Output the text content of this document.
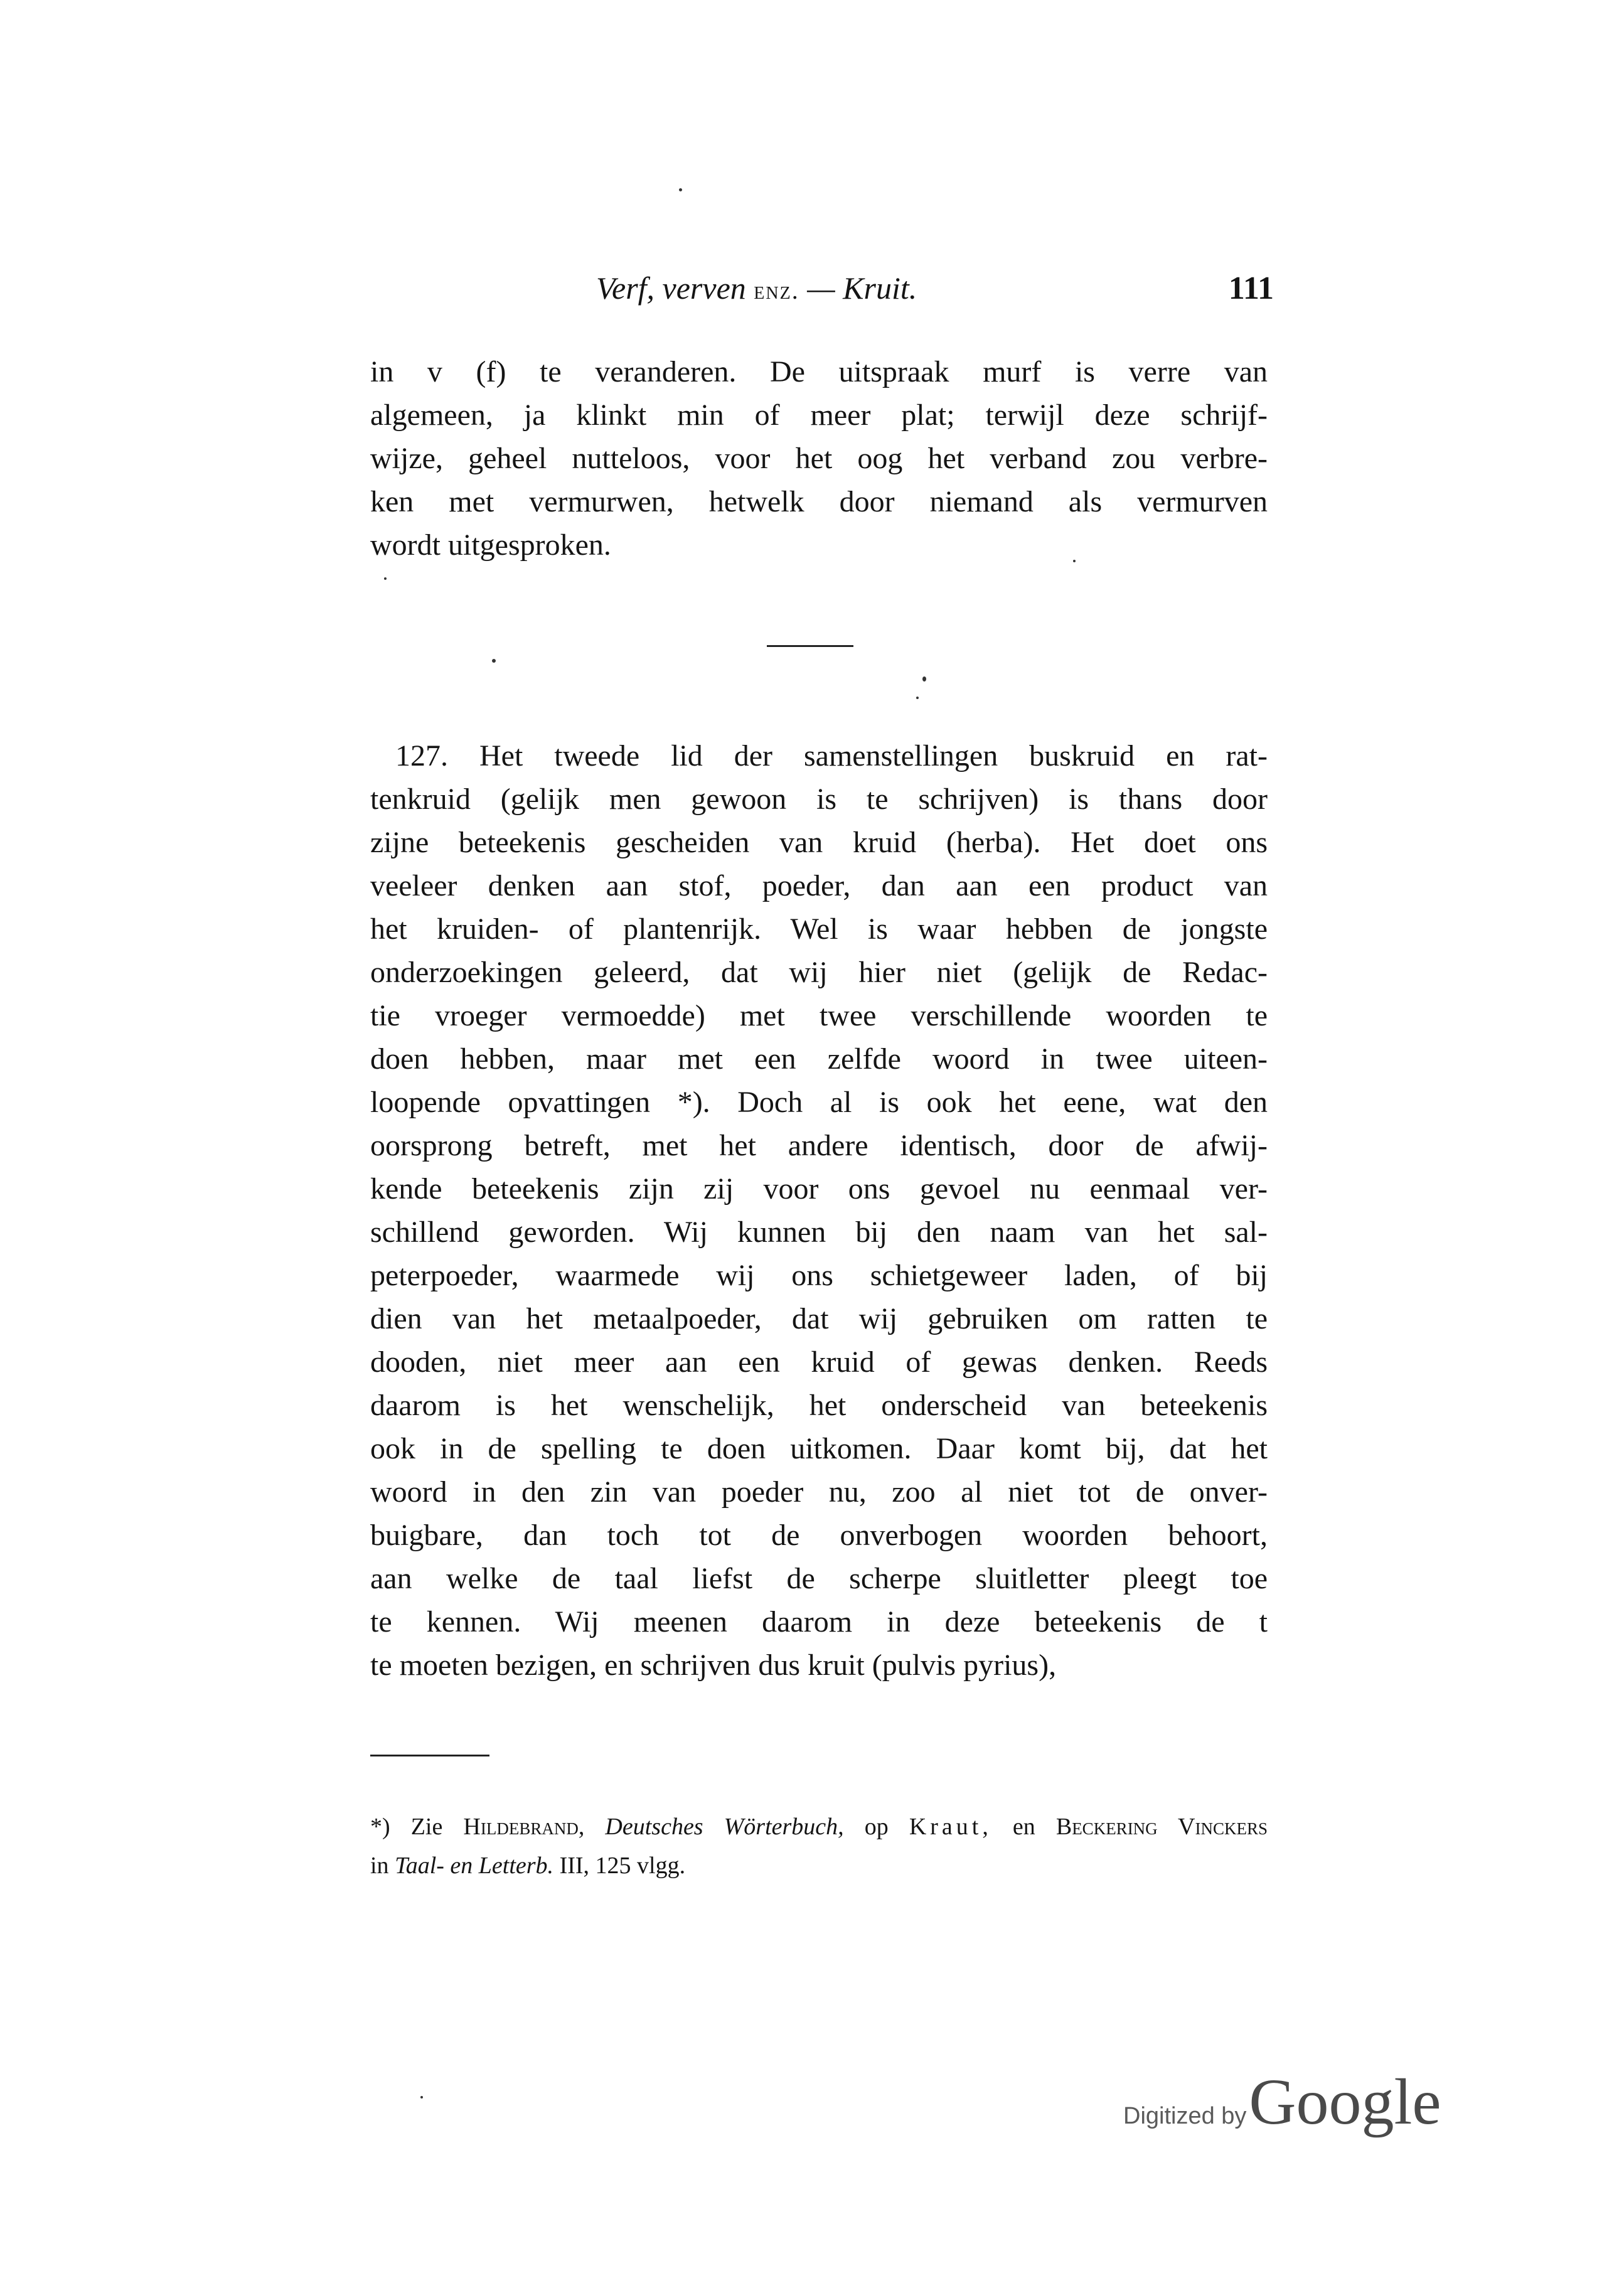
Verf, verven enz. — Kruit.	111
in v (f) te veranderen. De uitspraak murf is verre van
algemeen, ja klinkt min of meer plat; terwijl deze schrijf-
wijze, geheel nutteloos, voor het oog het verband zou verbre-
ken met vermurwen, hetwelk door niemand als vermurven
wordt uitgesproken.
127. Het tweede lid der samenstellingen buskruid en rat-
tenkruid (gelijk men gewoon is te schrijven) is thans door
zijne beteekenis gescheiden van kruid (herba). Het doet ons
veeleer denken aan stof, poeder, dan aan een product van
het kruiden- of plantenrijk. Wel is waar hebben de jongste
onderzoekingen geleerd, dat wij hier niet (gelijk de Redac-
tie vroeger vermoedde) met twee verschillende woorden te
doen hebben, maar met een zelfde woord in twee uiteen-
loopende opvattingen *). Doch al is ook het eene, wat den
oorsprong betreft, met het andere identisch, door de afwij-
kende beteekenis zijn zij voor ons gevoel nu eenmaal ver-
schillend geworden. Wij kunnen bij den naam van het sal-
peterpoeder, waarmede wij ons schietgeweer laden, of bij
dien van het metaalpoeder, dat wij gebruiken om ratten te
dooden, niet meer aan een kruid of gewas denken. Reeds
daarom is het wenschelijk, het onderscheid van beteekenis
ook in de spelling te doen uitkomen. Daar komt bij, dat het
woord in den zin van poeder nu, zoo al niet tot de onver-
buigbare, dan toch tot de onverbogen woorden behoort,
aan welke de taal liefst de scherpe sluitletter pleegt toe
te kennen. Wij meenen daarom in deze beteekenis de t
te moeten bezigen, en schrijven dus kruit (pulvis pyrius),
*) Zie Hildebrand, Deutsches Wörterbuch, op Kraut, en Beckering Vinckers
in Taal- en Letterb. III, 125 vlgg.
Digitized by Google
